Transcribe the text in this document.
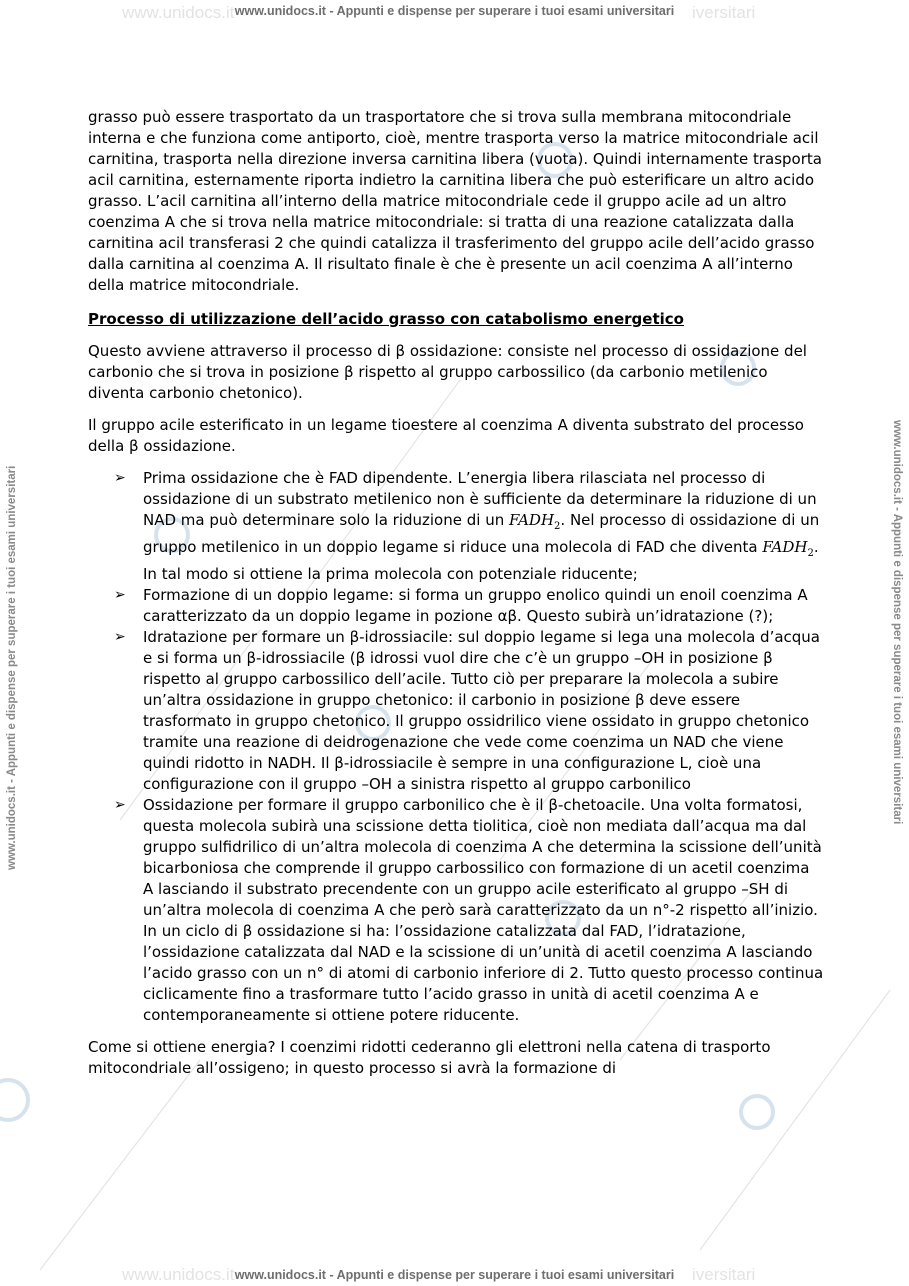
www.unidocs.it	iversitari
www.unidocs.it - Appunti e dispense per superare i tuoi esami universitari
www.unidocs.it	iversitari
www.unidocs.it - Appunti e dispense per superare i tuoi esami universitari
www.unidocs.it - Appunti e dispense per superare i tuoi esami universitari	www.unidocs.it - Appunti e dispense per superare i tuoi esami universitari

grasso può essere trasportato da un trasportatore che si trova sulla membrana mitocondriale interna e che funziona come antiporto, cioè, mentre trasporta verso la matrice mitocondriale acil carnitina, trasporta nella direzione inversa carnitina libera (vuota). Quindi internamente trasporta acil carnitina, esternamente riporta indietro la carnitina libera che può esterificare un altro acido grasso. L’acil carnitina all’interno della matrice mitocondriale cede il gruppo acile ad un altro coenzima A che si trova nella matrice mitocondriale: si tratta di una reazione catalizzata dalla carnitina acil transferasi 2 che quindi catalizza il trasferimento del gruppo acile dell’acido grasso dalla carnitina al coenzima A. Il risultato finale è che è presente un acil coenzima A all’interno della matrice mitocondriale.

Processo di utilizzazione dell’acido grasso con catabolismo energetico

Questo avviene attraverso il processo di β ossidazione: consiste nel processo di ossidazione del carbonio che si trova in posizione β rispetto al gruppo carbossilico (da carbonio metilenico diventa carbonio chetonico).

Il gruppo acile esterificato in un legame tioestere al coenzima A diventa substrato del processo della β ossidazione.

➢ Prima ossidazione che è FAD dipendente. L’energia libera rilasciata nel processo di ossidazione di un substrato metilenico non è sufficiente da determinare la riduzione di un NAD ma può determinare solo la riduzione di un $FADH_2$. Nel processo di ossidazione di un gruppo metilenico in un doppio legame si riduce una molecola di FAD che diventa $FADH_2$. In tal modo si ottiene la prima molecola con potenziale riducente;
➢ Formazione di un doppio legame: si forma un gruppo enolico quindi un enoil coenzima A caratterizzato da un doppio legame in pozione αβ. Questo subirà un’idratazione (?);
➢ Idratazione per formare un β-idrossiacile: sul doppio legame si lega una molecola d’acqua e si forma un β-idrossiacile (β idrossi vuol dire che c’è un gruppo –OH in posizione β rispetto al gruppo carbossilico dell’acile. Tutto ciò per preparare la molecola a subire un’altra ossidazione in gruppo chetonico: il carbonio in posizione β deve essere trasformato in gruppo chetonico. Il gruppo ossidrilico viene ossidato in gruppo chetonico tramite una reazione di deidrogenazione che vede come coenzima un NAD che viene quindi ridotto in NADH. Il β-idrossiacile è sempre in una configurazione L, cioè una configurazione con il gruppo –OH a sinistra rispetto al gruppo carbonilico
➢ Ossidazione per formare il gruppo carbonilico che è il β-chetoacile. Una volta formatosi, questa molecola subirà una scissione detta tiolitica, cioè non mediata dall’acqua ma dal gruppo sulfidrilico di un’altra molecola di coenzima A che determina la scissione dell’unità bicarboniosa che comprende il gruppo carbossilico con formazione di un acetil coenzima A lasciando il substrato precendente con un gruppo acile esterificato al gruppo –SH di un’altra molecola di coenzima A che però sarà caratterizzato da un n°-2 rispetto all’inizio. In un ciclo di β ossidazione si ha: l’ossidazione catalizzata dal FAD, l’idratazione, l’ossidazione catalizzata dal NAD e la scissione di un’unità di acetil coenzima A lasciando l’acido grasso con un n° di atomi di carbonio inferiore di 2. Tutto questo processo continua ciclicamente fino a trasformare tutto l’acido grasso in unità di acetil coenzima A e contemporaneamente si ottiene potere riducente.

Come si ottiene energia? I coenzimi ridotti cederanno gli elettroni nella catena di trasporto mitocondriale all’ossigeno; in questo processo si avrà la formazione di
